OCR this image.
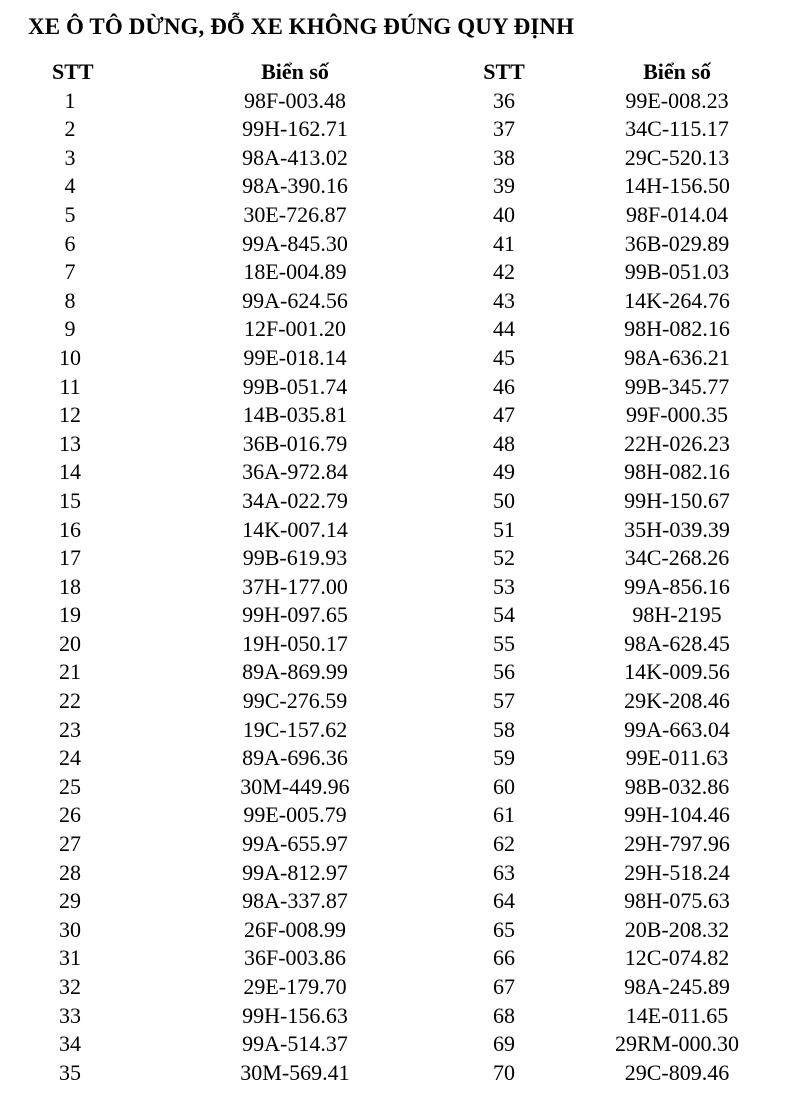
XE Ô TÔ DỪNG, ĐỖ XE KHÔNG ĐÚNG QUY ĐỊNH
STT	Biển số	STT	Biển số
1	98F-003.48	36	99E-008.23
2	99H-162.71	37	34C-115.17
3	98A-413.02	38	29C-520.13
4	98A-390.16	39	14H-156.50
5	30E-726.87	40	98F-014.04
6	99A-845.30	41	36B-029.89
7	18E-004.89	42	99B-051.03
8	99A-624.56	43	14K-264.76
9	12F-001.20	44	98H-082.16
10	99E-018.14	45	98A-636.21
11	99B-051.74	46	99B-345.77
12	14B-035.81	47	99F-000.35
13	36B-016.79	48	22H-026.23
14	36A-972.84	49	98H-082.16
15	34A-022.79	50	99H-150.67
16	14K-007.14	51	35H-039.39
17	99B-619.93	52	34C-268.26
18	37H-177.00	53	99A-856.16
19	99H-097.65	54	98H-2195
20	19H-050.17	55	98A-628.45
21	89A-869.99	56	14K-009.56
22	99C-276.59	57	29K-208.46
23	19C-157.62	58	99A-663.04
24	89A-696.36	59	99E-011.63
25	30M-449.96	60	98B-032.86
26	99E-005.79	61	99H-104.46
27	99A-655.97	62	29H-797.96
28	99A-812.97	63	29H-518.24
29	98A-337.87	64	98H-075.63
30	26F-008.99	65	20B-208.32
31	36F-003.86	66	12C-074.82
32	29E-179.70	67	98A-245.89
33	99H-156.63	68	14E-011.65
34	99A-514.37	69	29RM-000.30
35	30M-569.41	70	29C-809.46
